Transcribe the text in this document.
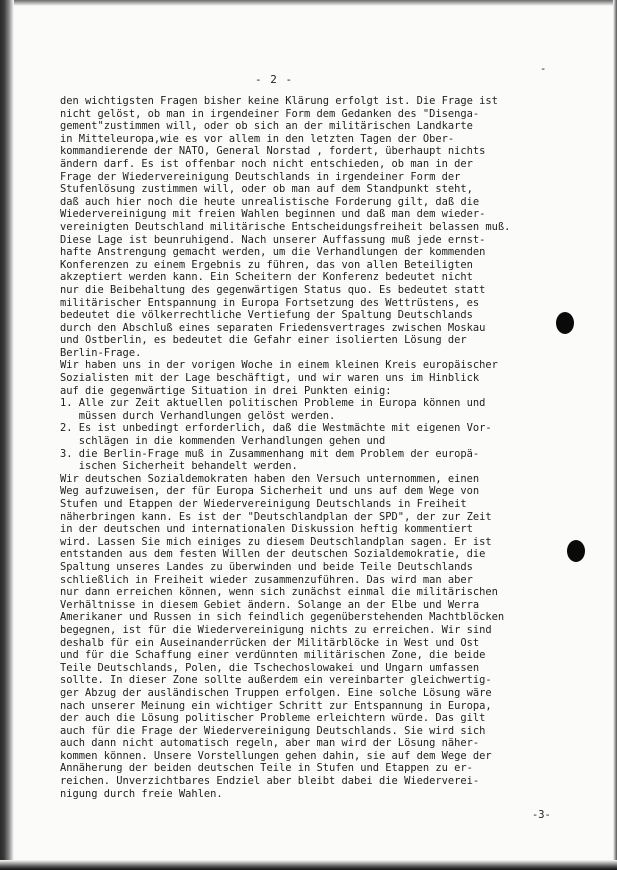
-
- 2 -
den wichtigsten Fragen bisher keine Klärung erfolgt ist. Die Frage ist
nicht gelöst, ob man in irgendeiner Form dem Gedanken des "Disenga-
gement"zustimmen will, oder ob sich an der militärischen Landkarte
in Mitteleuropa,wie es vor allem in den letzten Tagen der Ober-
kommandierende der NATO, General Norstad , fordert, überhaupt nichts
ändern darf. Es ist offenbar noch nicht entschieden, ob man in der
Frage der Wiedervereinigung Deutschlands in irgendeiner Form der
Stufenlösung zustimmen will, oder ob man auf dem Standpunkt steht,
daß auch hier noch die heute unrealistische Forderung gilt, daß die
Wiedervereinigung mit freien Wahlen beginnen und daß man dem wieder-
vereinigten Deutschland militärische Entscheidungsfreiheit belassen muß.
Diese Lage ist beunruhigend. Nach unserer Auffassung muß jede ernst-
hafte Anstrengung gemacht werden, um die Verhandlungen der kommenden
Konferenzen zu einem Ergebnis zu führen, das von allen Beteiligten
akzeptiert werden kann. Ein Scheitern der Konferenz bedeutet nicht
nur die Beibehaltung des gegenwärtigen Status quo. Es bedeutet statt
militärischer Entspannung in Europa Fortsetzung des Wettrüstens, es
bedeutet die völkerrechtliche Vertiefung der Spaltung Deutschlands
durch den Abschluß eines separaten Friedensvertrages zwischen Moskau
und Ostberlin, es bedeutet die Gefahr einer isolierten Lösung der
Berlin-Frage.
Wir haben uns in der vorigen Woche in einem kleinen Kreis europäischer
Sozialisten mit der Lage beschäftigt, und wir waren uns im Hinblick
auf die gegenwärtige Situation in drei Punkten einig:
1. Alle zur Zeit aktuellen politischen Probleme in Europa können und
müssen durch Verhandlungen gelöst werden.
2. Es ist unbedingt erforderlich, daß die Westmächte mit eigenen Vor-
schlägen in die kommenden Verhandlungen gehen und
3. die Berlin-Frage muß in Zusammenhang mit dem Problem der europä-
ischen Sicherheit behandelt werden.
Wir deutschen Sozialdemokraten haben den Versuch unternommen, einen
Weg aufzuweisen, der für Europa Sicherheit und uns auf dem Wege von
Stufen und Etappen der Wiedervereinigung Deutschlands in Freiheit
näherbringen kann. Es ist der "Deutschlandplan der SPD", der zur Zeit
in der deutschen und internationalen Diskussion heftig kommentiert
wird. Lassen Sie mich einiges zu diesem Deutschlandplan sagen. Er ist
entstanden aus dem festen Willen der deutschen Sozialdemokratie, die
Spaltung unseres Landes zu überwinden und beide Teile Deutschlands
schließlich in Freiheit wieder zusammenzuführen. Das wird man aber
nur dann erreichen können, wenn sich zunächst einmal die militärischen
Verhältnisse in diesem Gebiet ändern. Solange an der Elbe und Werra
Amerikaner und Russen in sich feindlich gegenüberstehenden Machtblöcken
begegnen, ist für die Wiedervereinigung nichts zu erreichen. Wir sind
deshalb für ein Auseinanderrücken der Militärblöcke in West und Ost
und für die Schaffung einer verdünnten militärischen Zone, die beide
Teile Deutschlands, Polen, die Tschechoslowakei und Ungarn umfassen
sollte. In dieser Zone sollte außerdem ein vereinbarter gleichwertig-
ger Abzug der ausländischen Truppen erfolgen. Eine solche Lösung wäre
nach unserer Meinung ein wichtiger Schritt zur Entspannung in Europa,
der auch die Lösung politischer Probleme erleichtern würde. Das gilt
auch für die Frage der Wiedervereinigung Deutschlands. Sie wird sich
auch dann nicht automatisch regeln, aber man wird der Lösung näher-
kommen können. Unsere Vorstellungen gehen dahin, sie auf dem Wege der
Annäherung der beiden deutschen Teile in Stufen und Etappen zu er-
reichen. Unverzichtbares Endziel aber bleibt dabei die Wiederverei-
nigung durch freie Wahlen.
-3-
